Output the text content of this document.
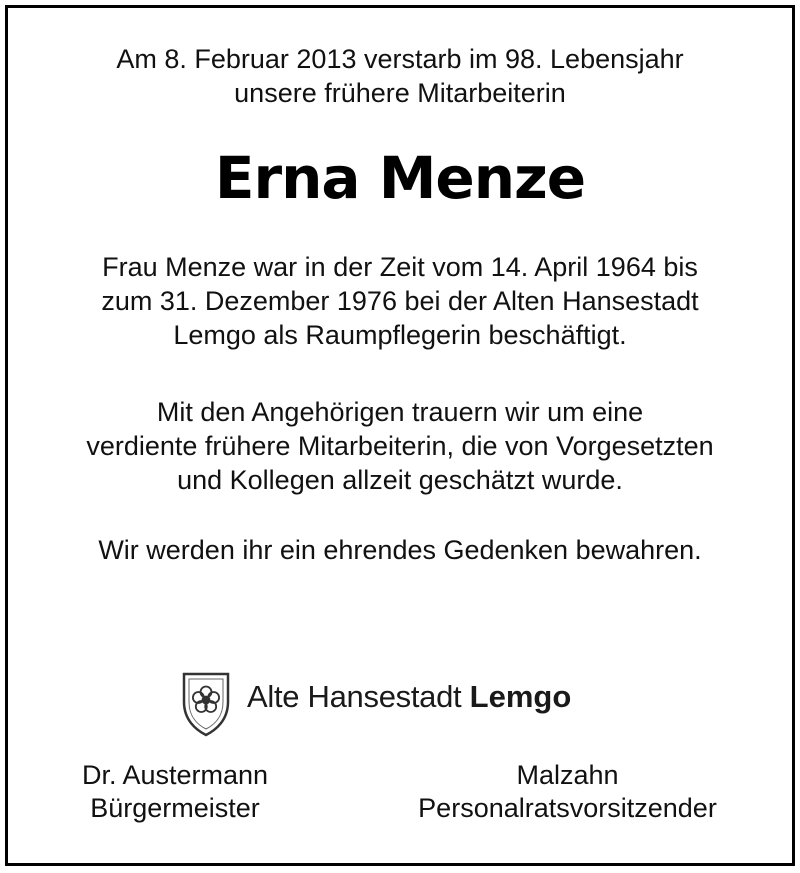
Am 8. Februar 2013 verstarb im 98. Lebensjahr
unsere frühere Mitarbeiterin
Erna Menze
Frau Menze war in der Zeit vom 14. April 1964 bis
zum 31. Dezember 1976 bei der Alten Hansestadt
Lemgo als Raumpflegerin beschäftigt.
Mit den Angehörigen trauern wir um eine
verdiente frühere Mitarbeiterin, die von Vorgesetzten
und Kollegen allzeit geschätzt wurde.
Wir werden ihr ein ehrendes Gedenken bewahren.
Alte Hansestadt Lemgo
Dr. Austermann
Bürgermeister
Malzahn
Personalratsvorsitzender
